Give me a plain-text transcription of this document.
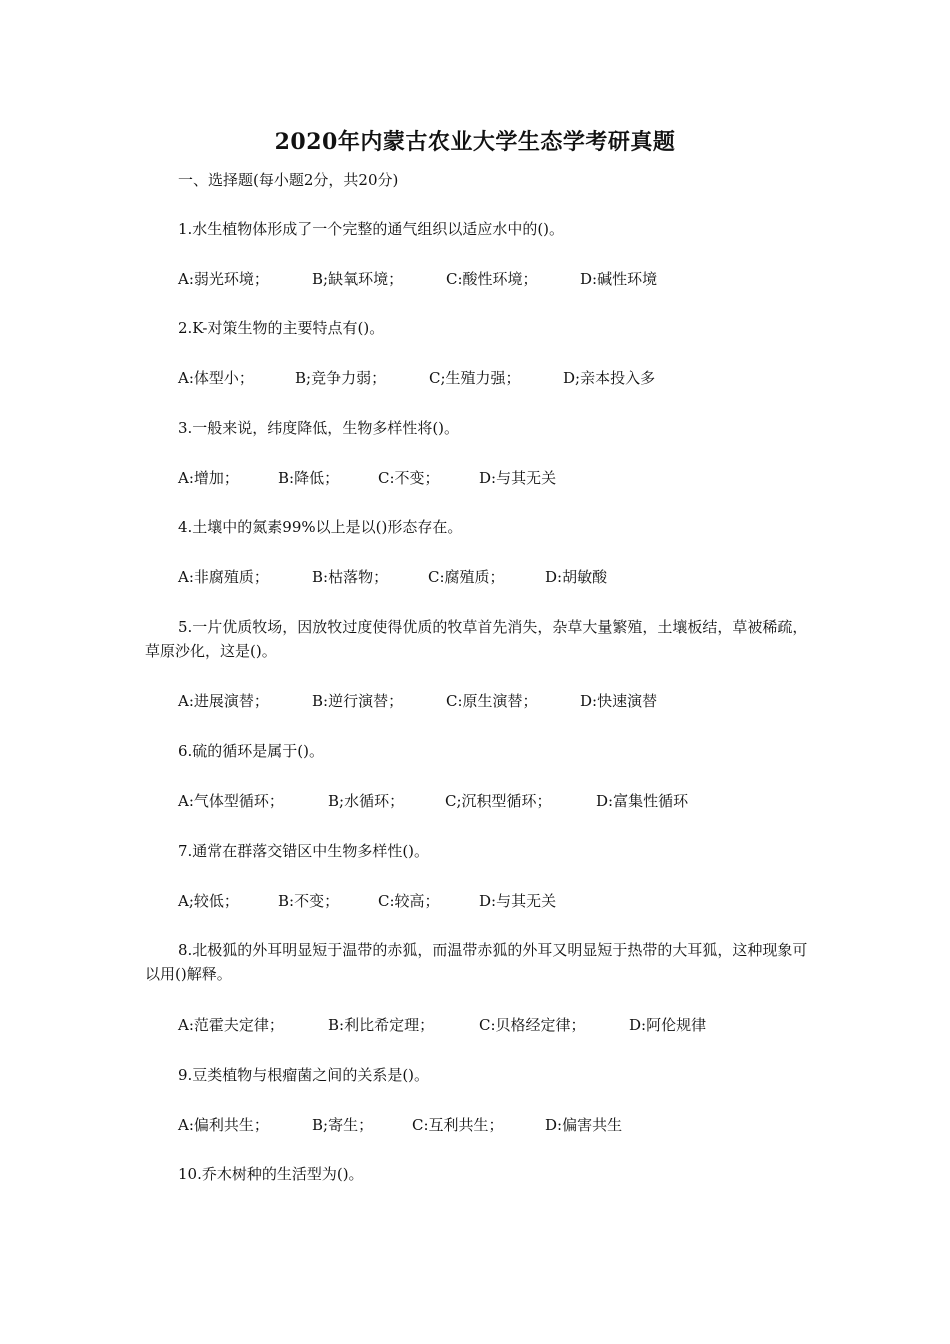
2020年内蒙古农业大学生态学考研真题
一、选择题(每小题2分，共20分)
1.水生植物体形成了一个完整的通气组织以适应水中的()。
A:弱光环境；	B;缺氧环境；	C:酸性环境；	D:碱性环境
2.K-对策生物的主要特点有()。
A:体型小；	B;竞争力弱；	C;生殖力强；	D;亲本投入多
3.一般来说，纬度降低，生物多样性将()。
A:增加；	B:降低；	C:不变；	D:与其无关
4.土壤中的氮素99%以上是以()形态存在。
A:非腐殖质；	B:枯落物；	C:腐殖质；	D:胡敏酸
5.一片优质牧场，因放牧过度使得优质的牧草首先消失，杂草大量繁殖，土壤板结，草被稀疏，草原沙化，这是()。
A:进展演替；	B:逆行演替；	C:原生演替；	D:快速演替
6.硫的循环是属于()。
A:气体型循环；	B;水循环；	C;沉积型循环；	D:富集性循环
7.通常在群落交错区中生物多样性()。
A;较低；	B:不变；	C:较高；	D:与其无关
8.北极狐的外耳明显短于温带的赤狐，而温带赤狐的外耳又明显短于热带的大耳狐，这种现象可以用()解释。
A:范霍夫定律；	B:利比希定理；	C:贝格经定律；	D:阿伦规律
9.豆类植物与根瘤菌之间的关系是()。
A:偏利共生；	B;寄生；	C:互利共生；	D:偏害共生
10.乔木树种的生活型为()。
